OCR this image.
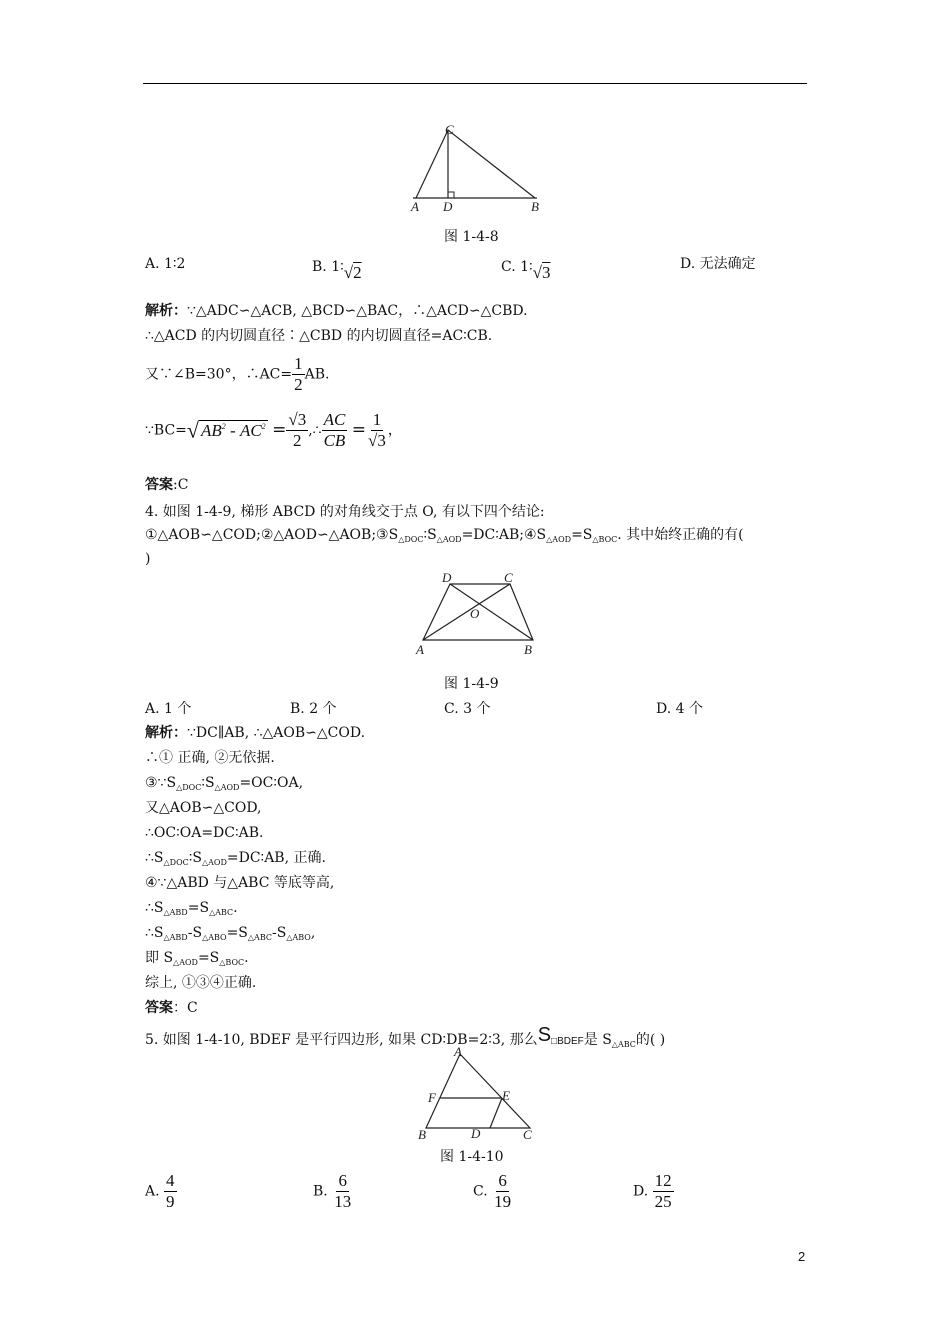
C
A D	B
图 1-4-8
A. 1∶2	B. 1∶√2	C. 1∶√3	D. 无法确定
解析：∵△ADC∽△ACB, △BCD∽△BAC，∴△ACD∽△CBD.
∴△ACD 的内切圆直径∶△CBD 的内切圆直径=AC∶CB.
又∵∠B=30°，∴AC= $\frac{1}{2}$ AB.
∵BC=√ $AB^2 - AC^2 = \frac{√3}{2}$ ,∴ $\frac{AC}{CB} = \frac{1}{√3}$ ，
答案:C
4. 如图 1-4-9, 梯形 ABCD 的对角线交于点 O, 有以下四个结论:
$①\triangle AOB∽\triangle COD;②\triangle AOD∽\triangle AOB;③S_{\triangle DOC}∶S_{\triangle AOD}=DC∶AB;④S_{\triangle AOD}=S_{\triangle BOC}$. 其中始终正确的有(
)
D	C
O
A	B
图 1-4-9
A. 1 个	B. 2 个	C. 3 个	D. 4 个
解析：∵DC∥AB, ∴△AOB∽△COD.
∴① 正确, ②无依据.
$③\because S_{\triangle DOC}∶S_{\triangle AOD}=OC∶OA$,
又△AOB∽△COD,
∴OC∶OA=DC∶AB.
$\therefore S_{\triangle DOC}∶S_{\triangle AOD}=DC∶AB$, 正确.
④∵△ABD 与△ABC 等底等高,
$\therefore S_{\triangle ABD}=S_{\triangle ABC}$.
$\therefore S_{\triangle ABD}-S_{\triangle ABO}=S_{\triangle ABC}-S_{\triangle ABO}$,
即 $S_{\triangle AOD}=S_{\triangle BOC}$.
综上, ①③④正确.
答案：C
5. 如图 1-4-10, BDEF 是平行四边形, 如果 CD∶DB=2∶3, 那么S□BDEF是 $S_{\triangle ABC}$的( )
A
F	E
B	D	C
图 1-4-10
A. $\frac{4}{9}$	B. $\frac{6}{13}$	C. $\frac{6}{19}$	D. $\frac{12}{25}$
2
